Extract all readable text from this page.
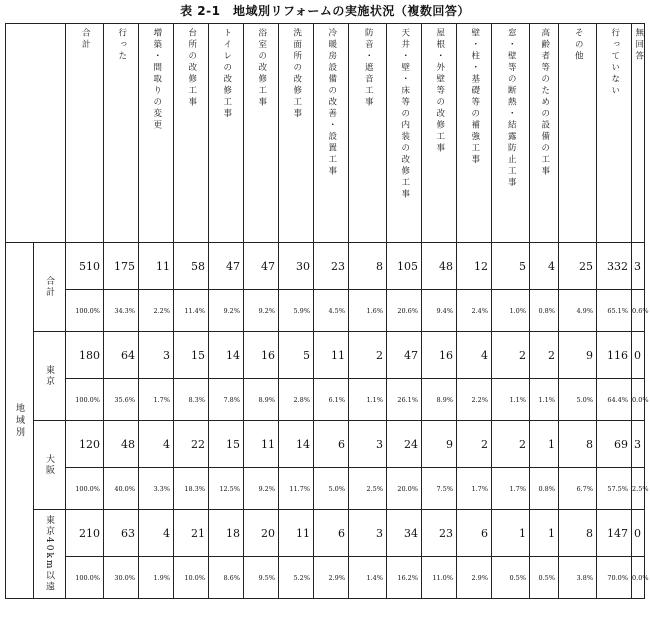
表 2-1　地域別リフォームの実施状況（複数回答）

		合計	行った	増築・間取りの変更	台所の改修工事	トイレの改修工事	浴室の改修工事	洗面所の改修工事	冷暖房設備の改善・設置工事	防音・遮音工事	天井・壁・床等の内装の改修工事	屋根・外壁等の改修工事	壁・柱・基礎等の補強工事	窓・壁等の断熱・結露防止工事	高齢者等のための設備の工事	その他	行っていない	無回答

地域別	合計	510	175	11	58	47	47	30	23	8	105	48	12	5	4	25	332	3
		100.0%	34.3%	2.2%	11.4%	9.2%	9.2%	5.9%	4.5%	1.6%	20.6%	9.4%	2.4%	1.0%	0.8%	4.9%	65.1%	0.6%

	東京	180	64	3	15	14	16	5	11	2	47	16	4	2	2	9	116	0
		100.0%	35.6%	1.7%	8.3%	7.8%	8.9%	2.8%	6.1%	1.1%	26.1%	8.9%	2.2%	1.1%	1.1%	5.0%	64.4%	0.0%

	大阪	120	48	4	22	15	11	14	6	3	24	9	2	2	1	8	69	3
		100.0%	40.0%	3.3%	18.3%	12.5%	9.2%	11.7%	5.0%	2.5%	20.0%	7.5%	1.7%	1.7%	0.8%	6.7%	57.5%	2.5%

	東京40km以遠	210	63	4	21	18	20	11	6	3	34	23	6	1	1	8	147	0
		100.0%	30.0%	1.9%	10.0%	8.6%	9.5%	5.2%	2.9%	1.4%	16.2%	11.0%	2.9%	0.5%	0.5%	3.8%	70.0%	0.0%
